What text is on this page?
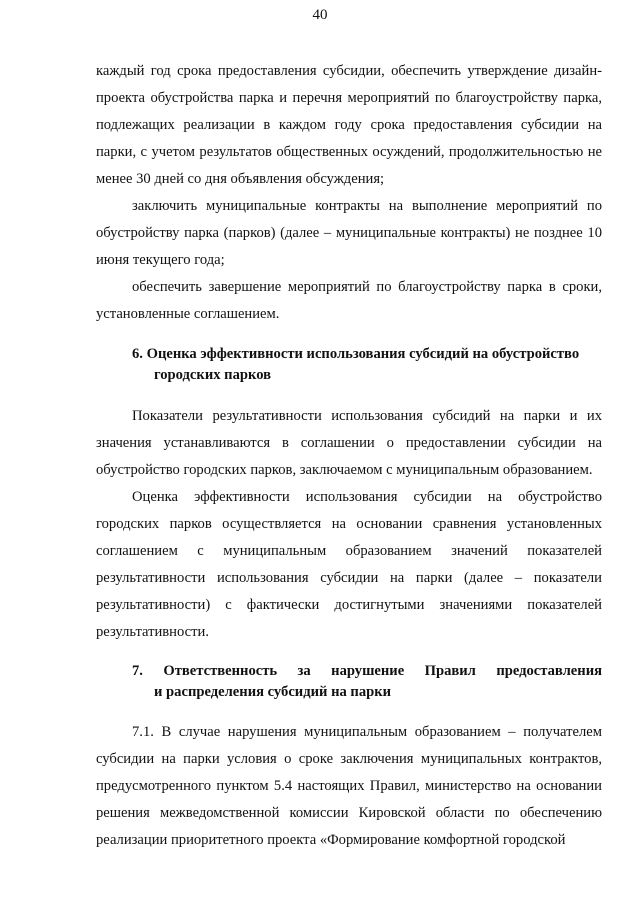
40

каждый год срока предоставления субсидии, обеспечить утверждение дизайн-проекта обустройства парка и перечня мероприятий по благоустройству парка, подлежащих реализации в каждом году срока предоставления субсидии на парки, с учетом результатов общественных осуждений, продолжительностью не менее 30 дней со дня объявления обсуждения;

заключить муниципальные контракты на выполнение мероприятий по обустройству парка (парков) (далее – муниципальные контракты) не позднее 10 июня текущего года;

обеспечить завершение мероприятий по благоустройству парка в сроки, установленные соглашением.

6. Оценка эффективности использования субсидий на обустройство
городских парков

Показатели результативности использования субсидий на парки и их значения устанавливаются в соглашении о предоставлении субсидии на обустройство городских парков, заключаемом с муниципальным образованием.

Оценка эффективности использования субсидии на обустройство городских парков осуществляется на основании сравнения установленных соглашением с муниципальным образованием значений показателей результативности использования субсидии на парки (далее – показатели результативности) с фактически достигнутыми значениями показателей результативности.

7. Ответственность за нарушение Правил предоставления
и распределения субсидий на парки

7.1. В случае нарушения муниципальным образованием – получателем субсидии на парки условия о сроке заключения муниципальных контрактов, предусмотренного пунктом 5.4 настоящих Правил, министерство на основании решения межведомственной комиссии Кировской области по обеспечению реализации приоритетного проекта «Формирование комфортной городской
